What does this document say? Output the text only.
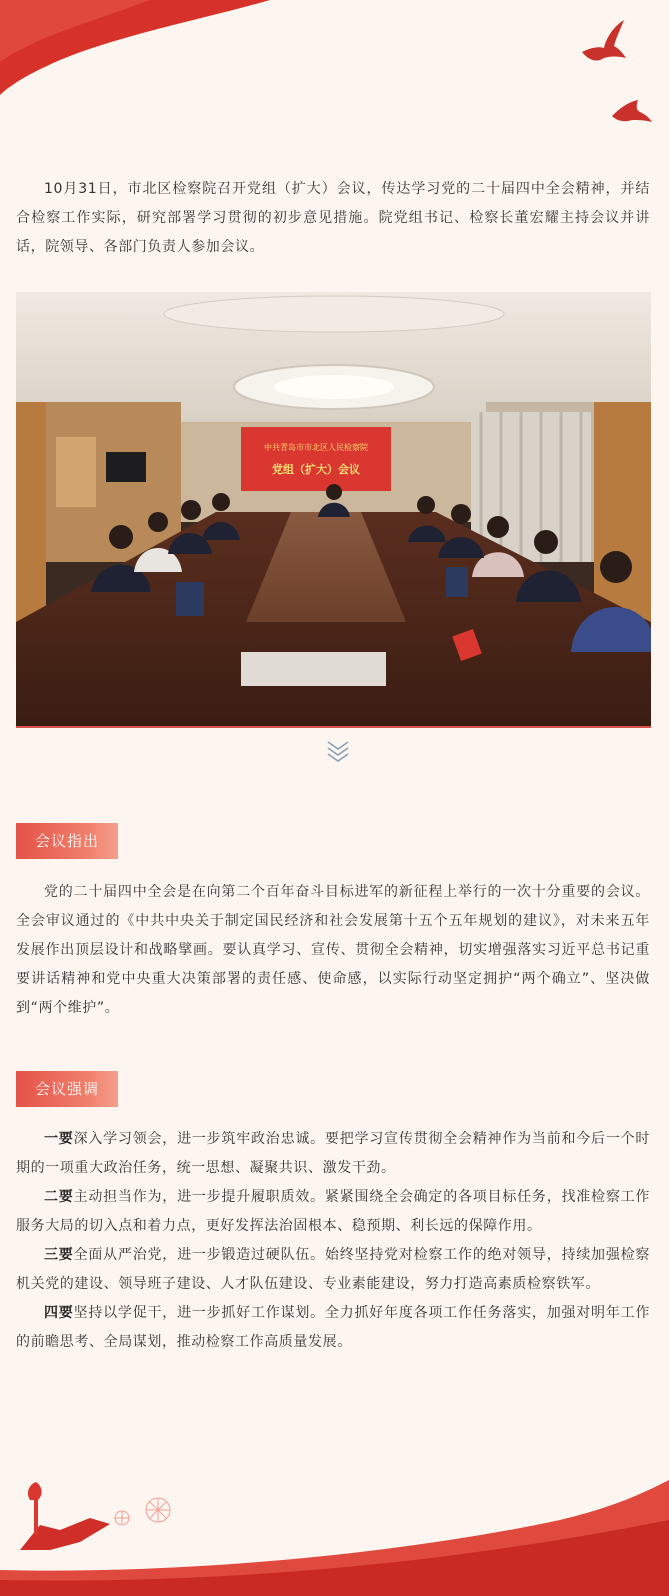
10月31日，市北区检察院召开党组（扩大）会议，传达学习党的二十届四中全会精神，并结合检察工作实际，研究部署学习贯彻的初步意见措施。院党组书记、检察长董宏耀主持会议并讲话，院领导、各部门负责人参加会议。

中共青岛市市北区人民检察院
党组（扩大）会议
会议指出

党的二十届四中全会是在向第二个百年奋斗目标进军的新征程上举行的一次十分重要的会议。全会审议通过的《中共中央关于制定国民经济和社会发展第十五个五年规划的建议》，对未来五年发展作出顶层设计和战略擘画。要认真学习、宣传、贯彻全会精神，切实增强落实习近平总书记重要讲话精神和党中央重大决策部署的责任感、使命感，以实际行动坚定拥护“两个确立”、坚决做到“两个维护”。

会议强调

一要深入学习领会，进一步筑牢政治忠诚。要把学习宣传贯彻全会精神作为当前和今后一个时期的一项重大政治任务，统一思想、凝聚共识、激发干劲。

二要主动担当作为，进一步提升履职质效。紧紧围绕全会确定的各项目标任务，找准检察工作服务大局的切入点和着力点，更好发挥法治固根本、稳预期、利长远的保障作用。

三要全面从严治党，进一步锻造过硬队伍。始终坚持党对检察工作的绝对领导，持续加强检察机关党的建设、领导班子建设、人才队伍建设、专业素能建设，努力打造高素质检察铁军。

四要坚持以学促干，进一步抓好工作谋划。全力抓好年度各项工作任务落实，加强对明年工作的前瞻思考、全局谋划，推动检察工作高质量发展。
